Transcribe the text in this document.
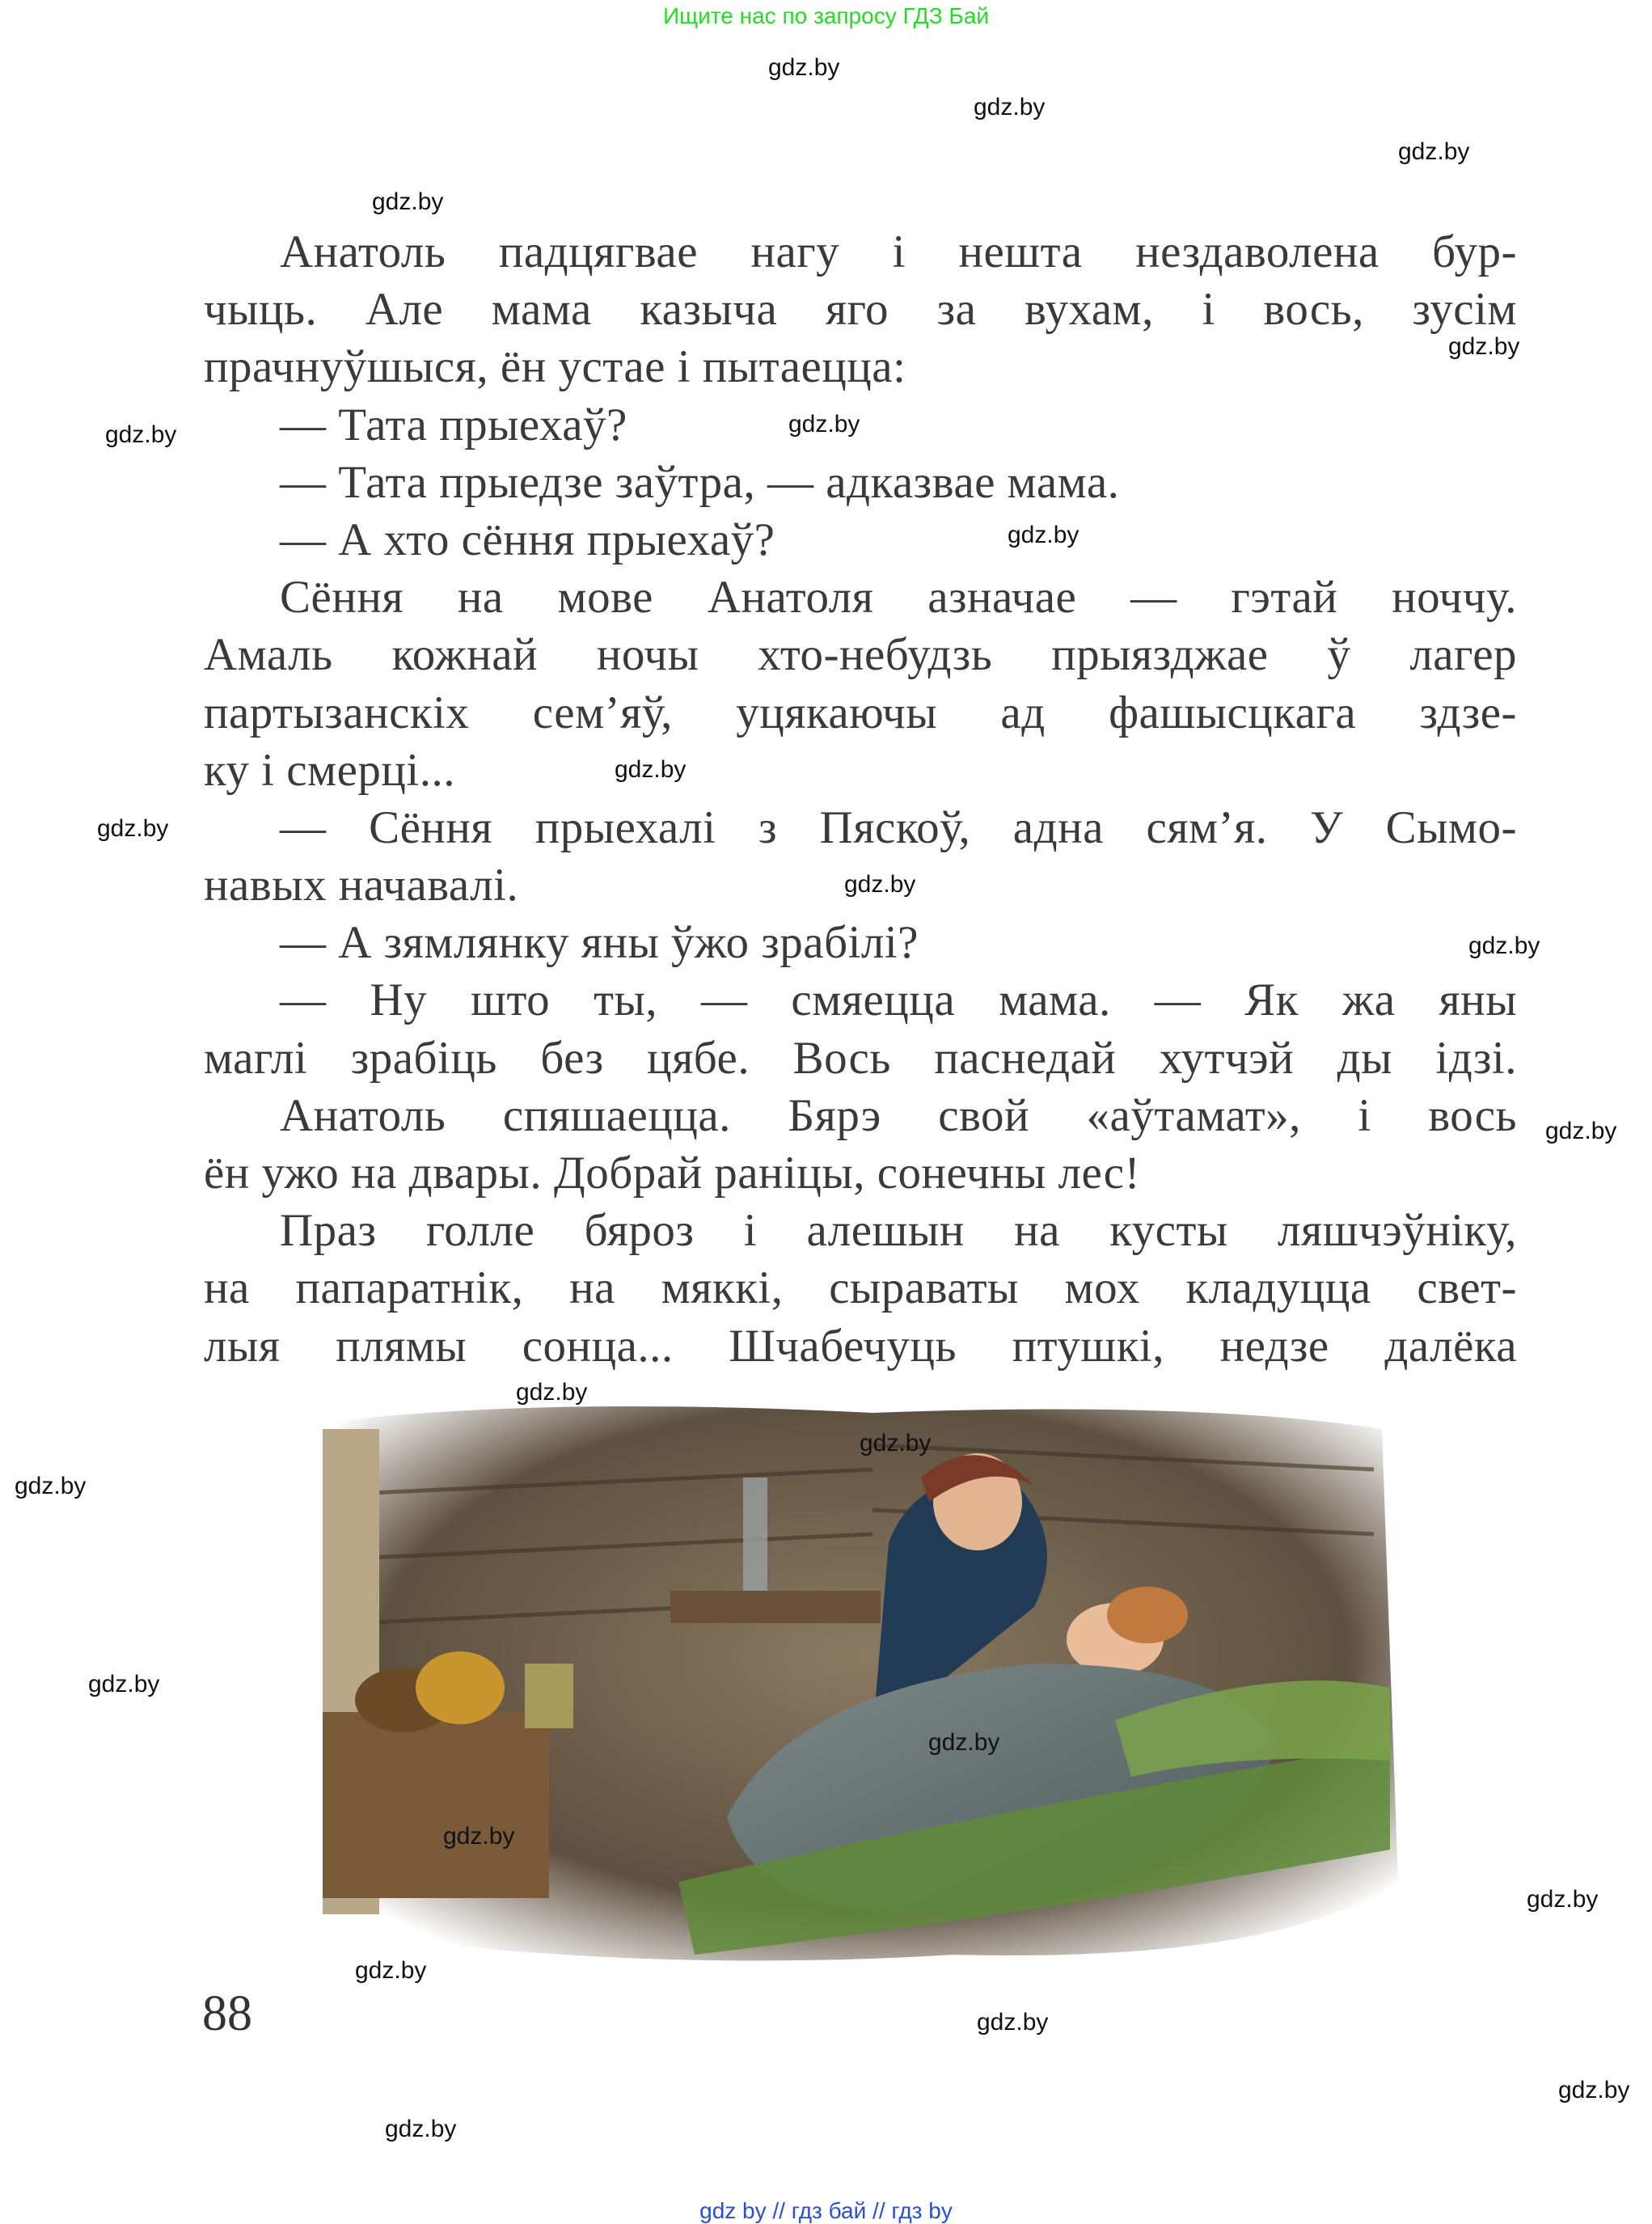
Ищите нас по запросу ГДЗ Бай
Анатоль падцягвае нагу і нешта нездаволена бур-
чыць. Але мама казыча яго за вухам, і вось, зусім
прачнуўшыся, ён устае і пытаецца:
— Тата прыехаў?
— Тата прыедзе заўтра, — адказвае мама.
— А хто сёння прыехаў?
Сёння на мове Анатоля азначае — гэтай ноччу.
Амаль кожнай ночы хто-небудзь прыязджае ў лагер
партызанскіх сем’яў, уцякаючы ад фашысцкага здзе-
ку і смерці...
— Сёння прыехалі з Пяскоў, адна сям’я. У Сымо-
навых начавалі.
— А зямлянку яны ўжо зрабілі?
— Ну што ты, — смяецца мама. — Як жа яны
маглі зрабіць без цябе. Вось паснедай хутчэй ды ідзі.
Анатоль спяшаецца. Бярэ свой «аўтамат», і вось
ён ужо на двары. Добрай раніцы, сонечны лес!
Праз голле бяроз і алешын на кусты ляшчэўніку,
на папаратнік, на мяккі, сыраваты мох кладуцца свет-
лыя плямы сонца... Шчабечуць птушкі, недзе далёка
88
gdz by // гдз бай // гдз by
gdz.by
gdz.by
gdz.by
gdz.by
gdz.by
gdz.by
gdz.by
gdz.by
gdz.by
gdz.by
gdz.by
gdz.by
gdz.by
gdz.by
gdz.by
gdz.by
gdz.by
gdz.by
gdz.by
gdz.by
gdz.by
gdz.by
gdz.by
gdz.by
